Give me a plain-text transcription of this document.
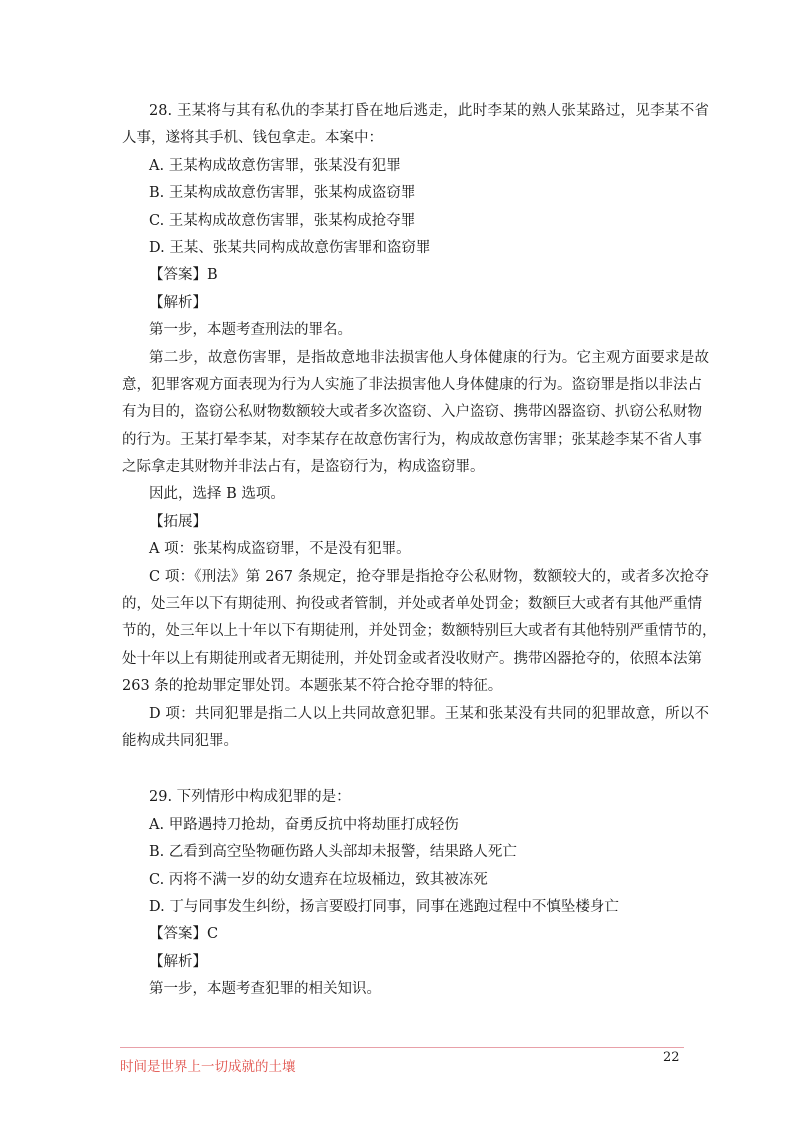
28. 王某将与其有私仇的李某打昏在地后逃走，此时李某的熟人张某路过，见李某不省
人事，遂将其手机、钱包拿走。本案中：
A. 王某构成故意伤害罪，张某没有犯罪
B. 王某构成故意伤害罪，张某构成盗窃罪
C. 王某构成故意伤害罪，张某构成抢夺罪
D. 王某、张某共同构成故意伤害罪和盗窃罪
【答案】B
【解析】
第一步，本题考查刑法的罪名。
第二步，故意伤害罪，是指故意地非法损害他人身体健康的行为。它主观方面要求是故
意，犯罪客观方面表现为行为人实施了非法损害他人身体健康的行为。盗窃罪是指以非法占
有为目的，盗窃公私财物数额较大或者多次盗窃、入户盗窃、携带凶器盗窃、扒窃公私财物
的行为。王某打晕李某，对李某存在故意伤害行为，构成故意伤害罪；张某趁李某不省人事
之际拿走其财物并非法占有，是盗窃行为，构成盗窃罪。
因此，选择 B 选项。
【拓展】
A 项：张某构成盗窃罪，不是没有犯罪。
C 项：《刑法》第 267 条规定，抢夺罪是指抢夺公私财物，数额较大的，或者多次抢夺
的，处三年以下有期徒刑、拘役或者管制，并处或者单处罚金；数额巨大或者有其他严重情
节的，处三年以上十年以下有期徒刑，并处罚金；数额特别巨大或者有其他特别严重情节的，
处十年以上有期徒刑或者无期徒刑，并处罚金或者没收财产。携带凶器抢夺的，依照本法第
263 条的抢劫罪定罪处罚。本题张某不符合抢夺罪的特征。
D 项：共同犯罪是指二人以上共同故意犯罪。王某和张某没有共同的犯罪故意，所以不
能构成共同犯罪。
29. 下列情形中构成犯罪的是：
A. 甲路遇持刀抢劫，奋勇反抗中将劫匪打成轻伤
B. 乙看到高空坠物砸伤路人头部却未报警，结果路人死亡
C. 丙将不满一岁的幼女遗弃在垃圾桶边，致其被冻死
D. 丁与同事发生纠纷，扬言要殴打同事，同事在逃跑过程中不慎坠楼身亡
【答案】C
【解析】
第一步，本题考查犯罪的相关知识。
时间是世界上一切成就的土壤
22
